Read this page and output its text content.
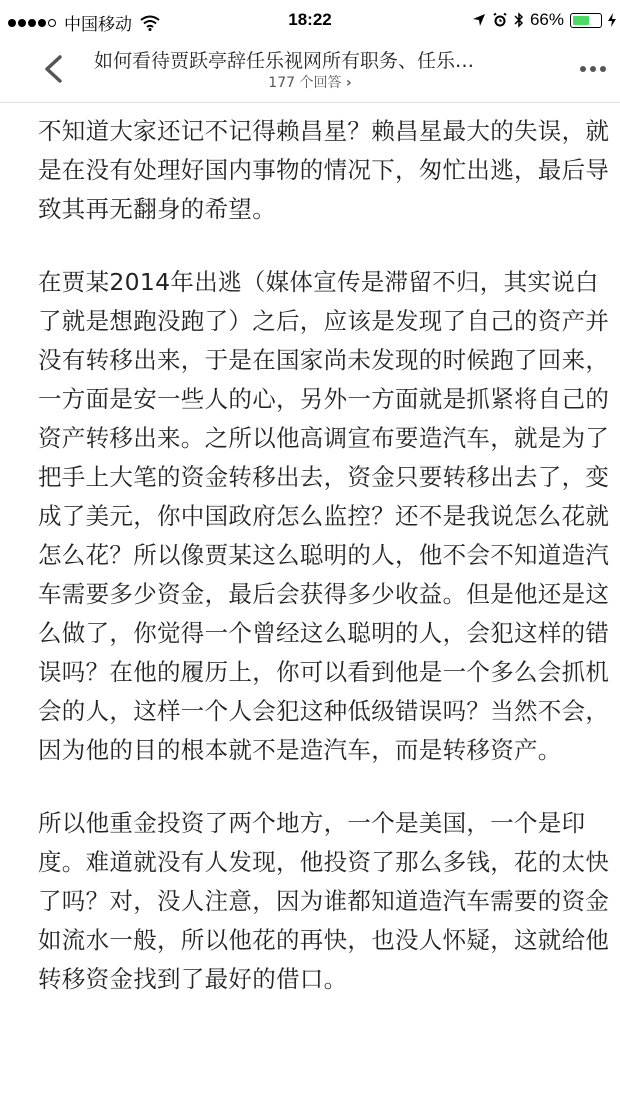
中国移动	18:22	66%
如何看待贾跃亭辞任乐视网所有职务、任乐…
177 个回答 ›

不知道大家还记不记得赖昌星？赖昌星最大的失误，就是在没有处理好国内事物的情况下，匆忙出逃，最后导致其再无翻身的希望。

在贾某2014年出逃（媒体宣传是滞留不归，其实说白了就是想跑没跑了）之后，应该是发现了自己的资产并没有转移出来，于是在国家尚未发现的时候跑了回来，一方面是安一些人的心，另外一方面就是抓紧将自己的资产转移出来。之所以他高调宣布要造汽车，就是为了把手上大笔的资金转移出去，资金只要转移出去了，变成了美元，你中国政府怎么监控？还不是我说怎么花就怎么花？所以像贾某这么聪明的人，他不会不知道造汽车需要多少资金，最后会获得多少收益。但是他还是这么做了，你觉得一个曾经这么聪明的人，会犯这样的错误吗？在他的履历上，你可以看到他是一个多么会抓机会的人，这样一个人会犯这种低级错误吗？当然不会，因为他的目的根本就不是造汽车，而是转移资产。

所以他重金投资了两个地方，一个是美国，一个是印度。难道就没有人发现，他投资了那么多钱，花的太快了吗？对，没人注意，因为谁都知道造汽车需要的资金如流水一般，所以他花的再快，也没人怀疑，这就给他转移资金找到了最好的借口。
